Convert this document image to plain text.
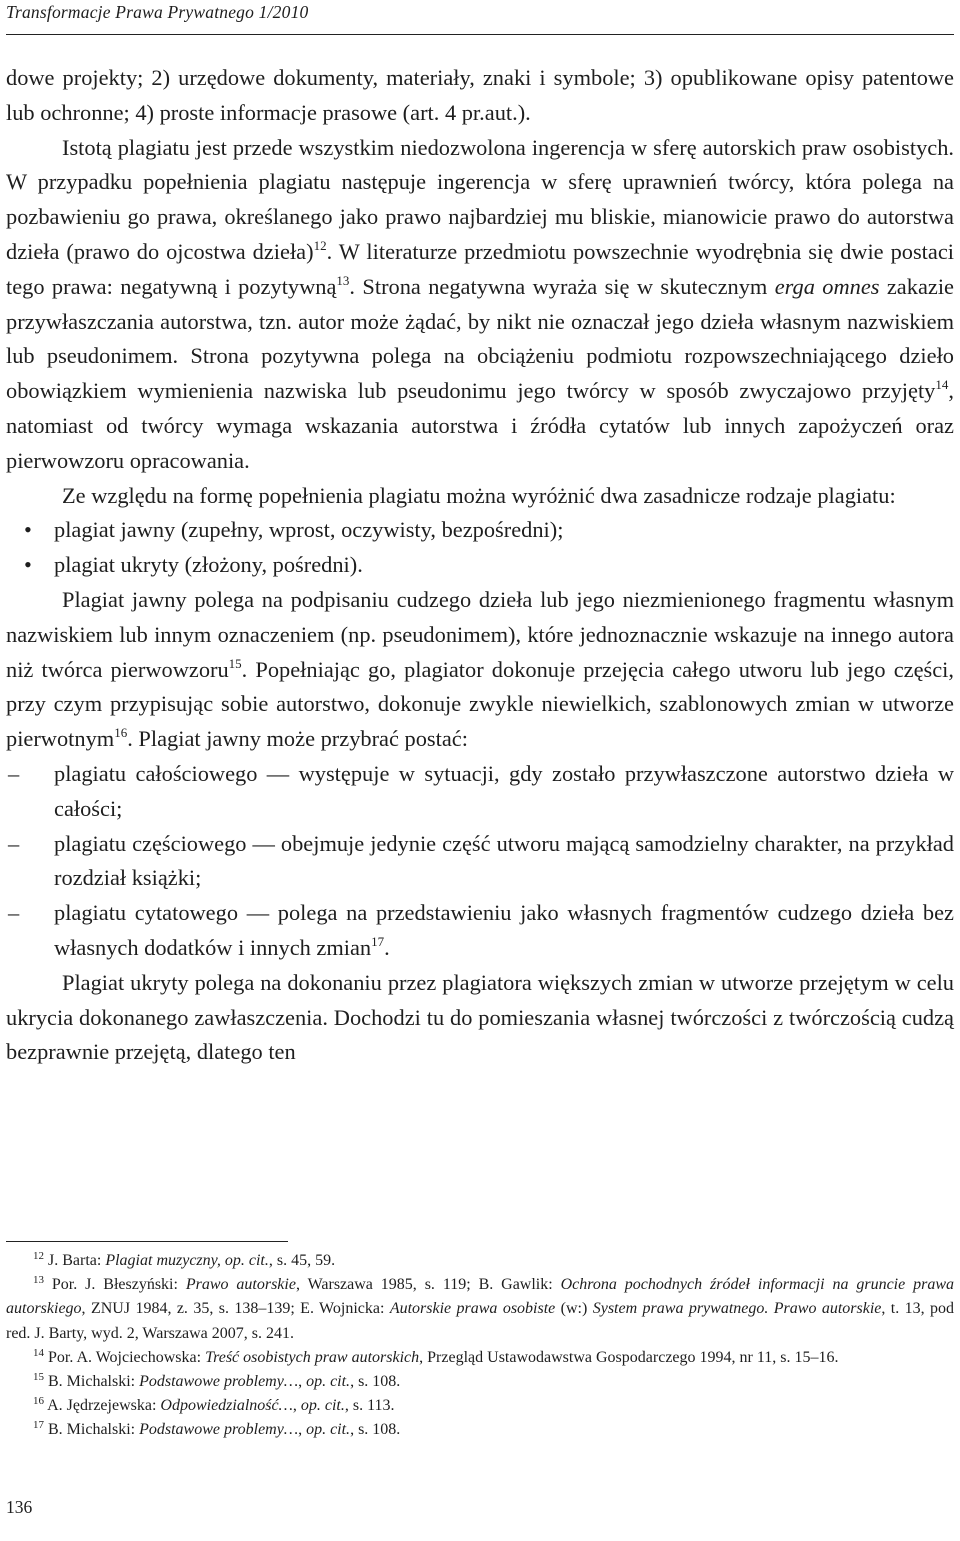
Transformacje Prawa Prywatnego 1/2010

dowe projekty; 2) urzędowe dokumenty, materiały, znaki i symbole; 3) opublikowane opisy patentowe lub ochronne; 4) proste informacje prasowe (art. 4 pr.aut.).

Istotą plagiatu jest przede wszystkim niedozwolona ingerencja w sferę autorskich praw osobistych. W przypadku popełnienia plagiatu następuje ingerencja w sferę uprawnień twórcy, która polega na pozbawieniu go prawa, określanego jako prawo najbardziej mu bliskie, mianowicie prawo do autorstwa dzieła (prawo do ojcostwa dzieła)$^{12}$. W literaturze przedmiotu powszechnie wyodrębnia się dwie postaci tego prawa: negatywną i pozytywną$^{13}$. Strona negatywna wyraża się w skutecznym erga omnes zakazie przywłaszczania autorstwa, tzn. autor może żądać, by nikt nie oznaczał jego dzieła własnym nazwiskiem lub pseudonimem. Strona pozytywna polega na obciążeniu podmiotu rozpowszechniającego dzieło obowiązkiem wymienienia nazwiska lub pseudonimu jego twórcy w sposób zwyczajowo przyjęty$^{14}$, natomiast od twórcy wymaga wskazania autorstwa i źródła cytatów lub innych zapożyczeń oraz pierwowzoru opracowania.

Ze względu na formę popełnienia plagiatu można wyróżnić dwa zasadnicze rodzaje plagiatu:

• plagiat jawny (zupełny, wprost, oczywisty, bezpośredni);
• plagiat ukryty (złożony, pośredni).

Plagiat jawny polega na podpisaniu cudzego dzieła lub jego niezmienionego fragmentu własnym nazwiskiem lub innym oznaczeniem (np. pseudonimem), które jednoznacznie wskazuje na innego autora niż twórca pierwowzoru$^{15}$. Popełniając go, plagiator dokonuje przejęcia całego utworu lub jego części, przy czym przypisując sobie autorstwo, dokonuje zwykle niewielkich, szablonowych zmian w utworze pierwotnym$^{16}$. Plagiat jawny może przybrać postać:

– plagiatu całościowego — występuje w sytuacji, gdy zostało przywłaszczone autorstwo dzieła w całości;
– plagiatu częściowego — obejmuje jedynie część utworu mającą samodzielny charakter, na przykład rozdział książki;
– plagiatu cytatowego — polega na przedstawieniu jako własnych fragmentów cudzego dzieła bez własnych dodatków i innych zmian$^{17}$.

Plagiat ukryty polega na dokonaniu przez plagiatora większych zmian w utworze przejętym w celu ukrycia dokonanego zawłaszczenia. Dochodzi tu do pomieszania własnej twórczości z twórczością cudzą bezprawnie przejętą, dlatego ten

$^{12}$ J. Barta: Plagiat muzyczny, op. cit., s. 45, 59.
$^{13}$ Por. J. Błeszyński: Prawo autorskie, Warszawa 1985, s. 119; B. Gawlik: Ochrona pochodnych źródeł informacji na gruncie prawa autorskiego, ZNUJ 1984, z. 35, s. 138–139; E. Wojnicka: Autorskie prawa osobiste (w:) System prawa prywatnego. Prawo autorskie, t. 13, pod red. J. Barty, wyd. 2, Warszawa 2007, s. 241.
$^{14}$ Por. A. Wojciechowska: Treść osobistych praw autorskich, Przegląd Ustawodawstwa Gospodarczego 1994, nr 11, s. 15–16.
$^{15}$ B. Michalski: Podstawowe problemy…, op. cit., s. 108.
$^{16}$ A. Jędrzejewska: Odpowiedzialność…, op. cit., s. 113.
$^{17}$ B. Michalski: Podstawowe problemy…, op. cit., s. 108.
136
